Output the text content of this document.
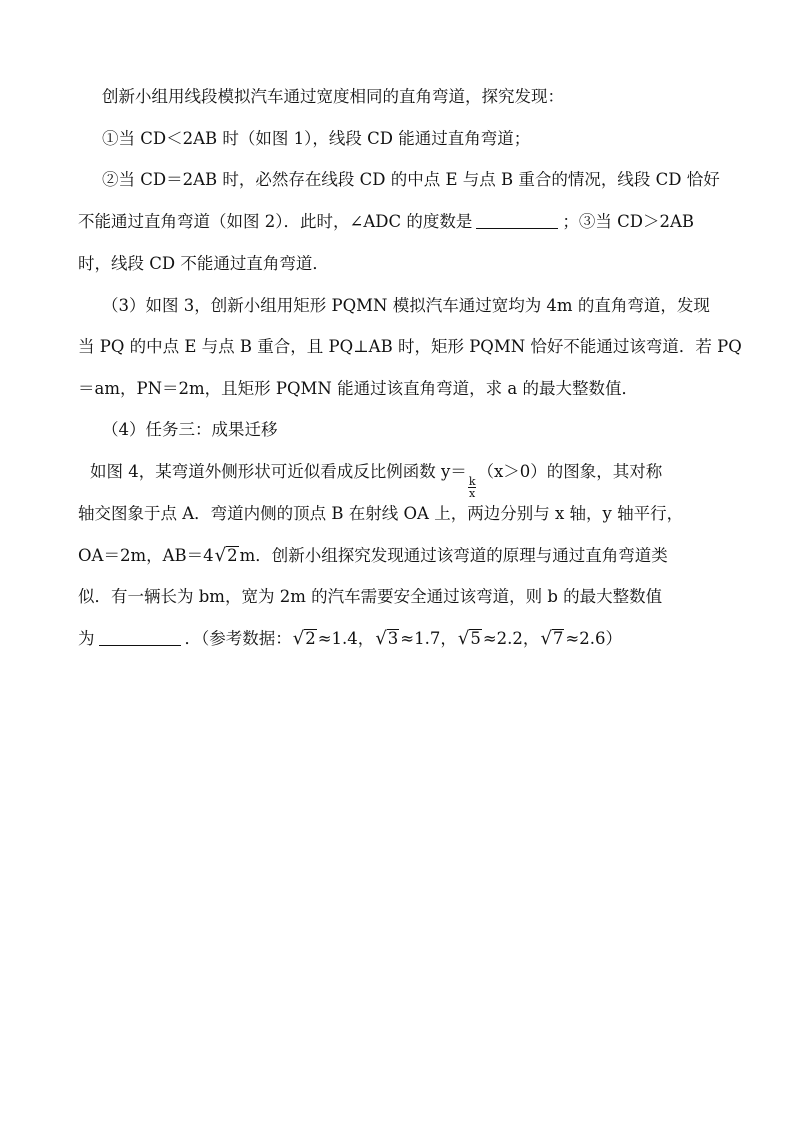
创新小组用线段模拟汽车通过宽度相同的直角弯道，探究发现：
①当 CD＜2AB 时（如图 1），线段 CD 能通过直角弯道；
②当 CD＝2AB 时，必然存在线段 CD 的中点 E 与点 B 重合的情况，线段 CD 恰好
不能通过直角弯道（如图 2）．此时，∠ADC 的度数是	；③当 CD＞2AB
时，线段 CD 不能通过直角弯道．
（3）如图 3，创新小组用矩形 PQMN 模拟汽车通过宽均为 4m 的直角弯道，发现
当 PQ 的中点 E 与点 B 重合，且 PQ⊥AB 时，矩形 PQMN 恰好不能通过该弯道．若 PQ
＝am，PN＝2m，且矩形 PQMN 能通过该直角弯道，求 a 的最大整数值．
（4）任务三：成果迁移
如图 4，某弯道外侧形状可近似看成反比例函数 y＝
$\frac{k}{x}$
（x＞0）的图象，其对称
轴交图象于点 A．弯道内侧的顶点 B 在射线 OA 上，两边分别与 x 轴，y 轴平行，
OA＝2m，AB＝4 √ 2 m．创新小组探究发现通过该弯道的原理与通过直角弯道类
似．有一辆长为 bm，宽为 2m 的汽车需要安全通过该弯道，则 b 的最大整数值
为	．（参考数据： √ 2 ≈1.4， √ 3 ≈1.7， √ 5 ≈2.2， √ 7 ≈2.6）
